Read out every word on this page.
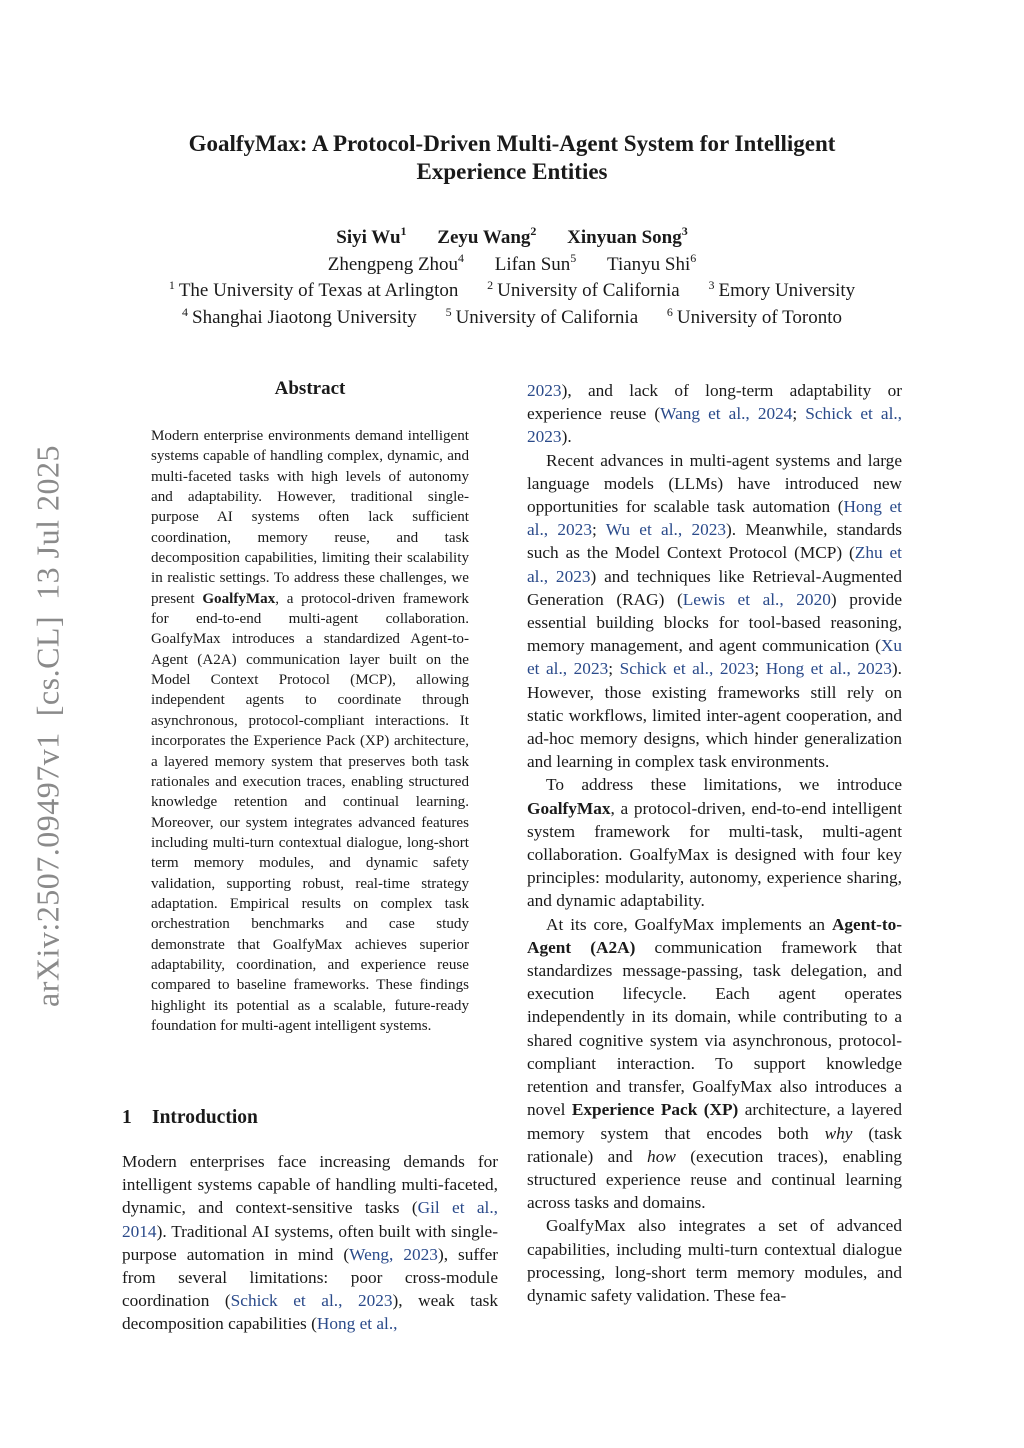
GoalfyMax: A Protocol-Driven Multi-Agent System for Intelligent
Experience Entities
Siyi Wu$^1$ Zeyu Wang$^2$ Xinyuan Song$^3$
Zhengpeng Zhou$^4$ Lifan Sun$^5$ Tianyu Shi$^6$
$^1$ The University of Texas at Arlington $^2$ University of California $^3$ Emory University
$^4$ Shanghai Jiaotong University $^5$ University of California $^6$ University of Toronto
arXiv:2507.09497v1[cs.CL]13 Jul 2025
Abstract
Modern enterprise environments demand intelligent systems capable of handling complex, dynamic, and multi-faceted tasks with high levels of autonomy and adaptability. However, traditional single-purpose AI systems often lack sufficient coordination, memory reuse, and task decomposition capabilities, limiting their scalability in realistic settings. To address these challenges, we present GoalfyMax, a protocol-driven framework for end-to-end multi-agent collaboration. GoalfyMax introduces a standardized Agent-to-Agent (A2A) communication layer built on the Model Context Protocol (MCP), allowing independent agents to coordinate through asynchronous, protocol-compliant interactions. It incorporates the Experience Pack (XP) architecture, a layered memory system that preserves both task rationales and execution traces, enabling structured knowledge retention and continual learning. Moreover, our system integrates advanced features including multi-turn contextual dialogue, long-short term memory modules, and dynamic safety validation, supporting robust, real-time strategy adaptation. Empirical results on complex task orchestration benchmarks and case study demonstrate that GoalfyMax achieves superior adaptability, coordination, and experience reuse compared to baseline frameworks. These findings highlight its potential as a scalable, future-ready foundation for multi-agent intelligent systems.
1 Introduction

Modern enterprises face increasing demands for intelligent systems capable of handling multi-faceted, dynamic, and context-sensitive tasks (Gil et al., 2014). Traditional AI systems, often built with single-purpose automation in mind (Weng, 2023), suffer from several limitations: poor cross-module coordination (Schick et al., 2023), weak task decomposition capabilities (Hong et al.,

2023), and lack of long-term adaptability or experience reuse (Wang et al., 2024; Schick et al., 2023).

Recent advances in multi-agent systems and large language models (LLMs) have introduced new opportunities for scalable task automation (Hong et al., 2023; Wu et al., 2023). Meanwhile, standards such as the Model Context Protocol (MCP) (Zhu et al., 2023) and techniques like Retrieval-Augmented Generation (RAG) (Lewis et al., 2020) provide essential building blocks for tool-based reasoning, memory management, and agent communication (Xu et al., 2023; Schick et al., 2023; Hong et al., 2023). However, those existing frameworks still rely on static workflows, limited inter-agent cooperation, and ad-hoc memory designs, which hinder generalization and learning in complex task environments.

To address these limitations, we introduce GoalfyMax, a protocol-driven, end-to-end intelligent system framework for multi-task, multi-agent collaboration. GoalfyMax is designed with four key principles: modularity, autonomy, experience sharing, and dynamic adaptability.

At its core, GoalfyMax implements an Agent-to-Agent (A2A) communication framework that standardizes message-passing, task delegation, and execution lifecycle. Each agent operates independently in its domain, while contributing to a shared cognitive system via asynchronous, protocol-compliant interaction. To support knowledge retention and transfer, GoalfyMax also introduces a novel Experience Pack (XP) architecture, a layered memory system that encodes both why (task rationale) and how (execution traces), enabling structured experience reuse and continual learning across tasks and domains.

GoalfyMax also integrates a set of advanced capabilities, including multi-turn contextual dialogue processing, long-short term memory modules, and dynamic safety validation. These fea-
